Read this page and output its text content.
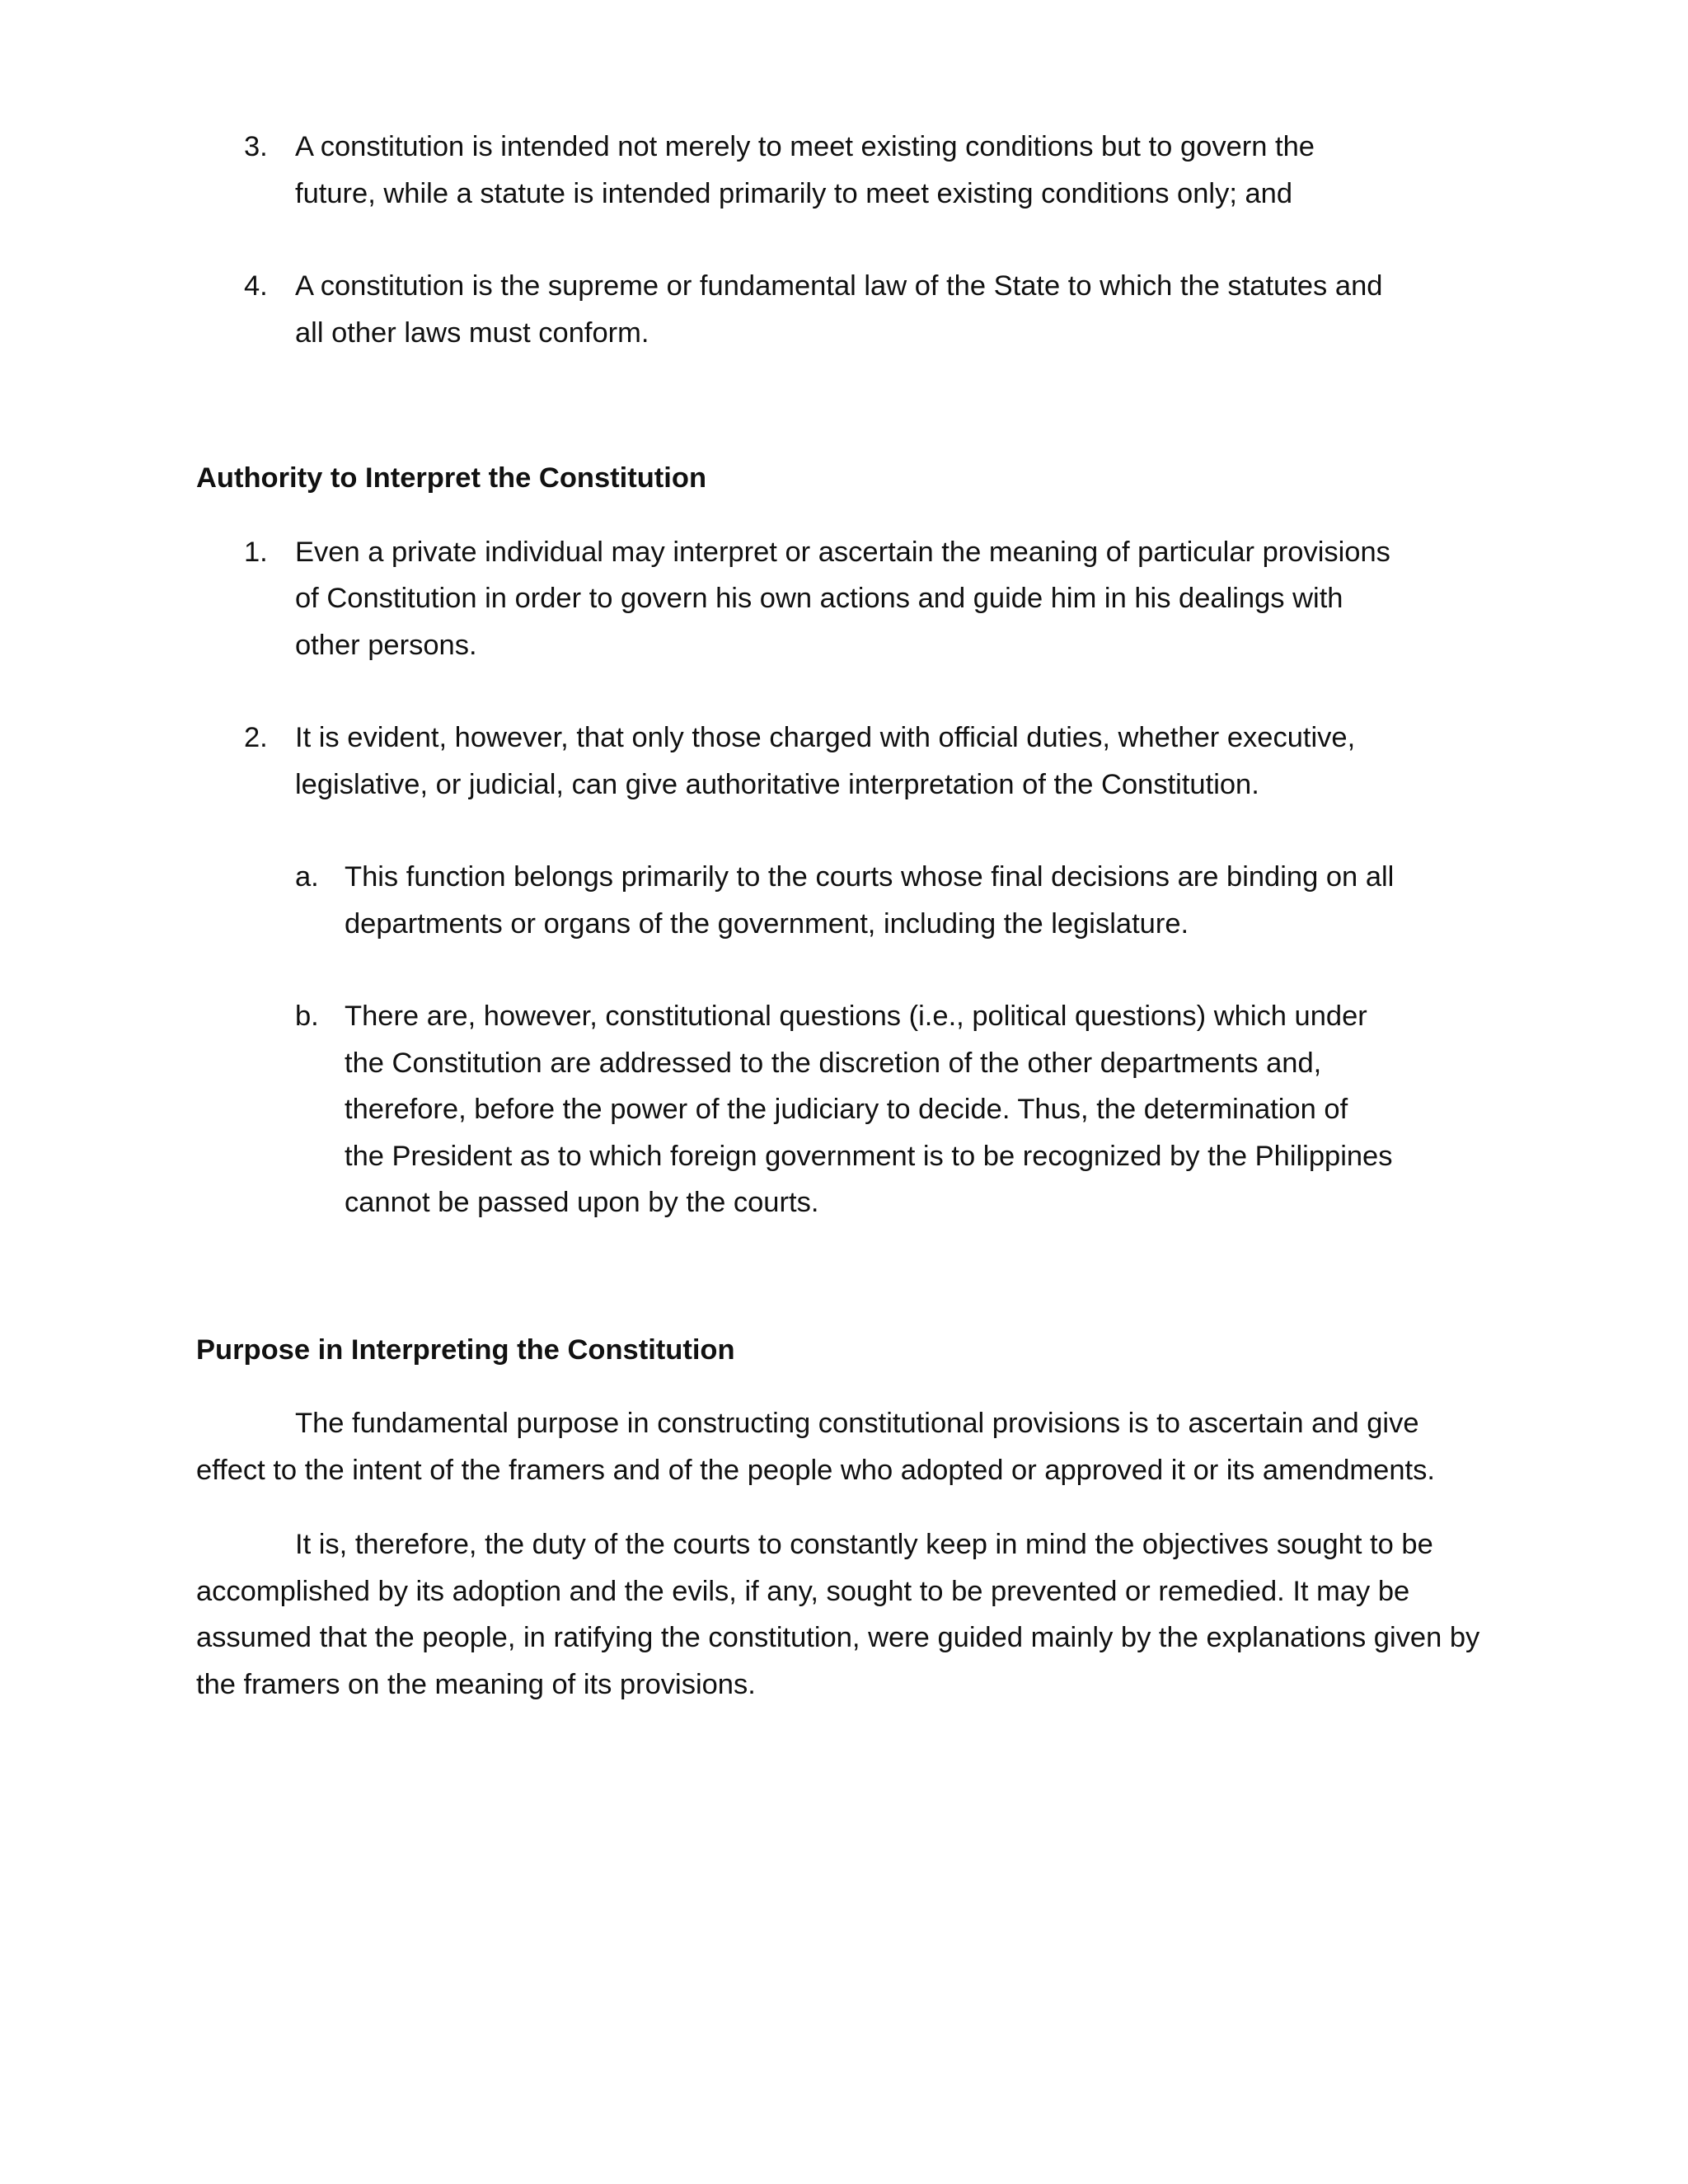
3. A constitution is intended not merely to meet existing conditions but to govern the
future, while a statute is intended primarily to meet existing conditions only; and
4. A constitution is the supreme or fundamental law of the State to which the statutes and
all other laws must conform.
Authority to Interpret the Constitution
1. Even a private individual may interpret or ascertain the meaning of particular provisions
of Constitution in order to govern his own actions and guide him in his dealings with
other persons.
2. It is evident, however, that only those charged with official duties, whether executive,
legislative, or judicial, can give authoritative interpretation of the Constitution.
a. This function belongs primarily to the courts whose final decisions are binding on all
departments or organs of the government, including the legislature.
b. There are, however, constitutional questions (i.e., political questions) which under
the Constitution are addressed to the discretion of the other departments and,
therefore, before the power of the judiciary to decide. Thus, the determination of
the President as to which foreign government is to be recognized by the Philippines
cannot be passed upon by the courts.
Purpose in Interpreting the Constitution

The fundamental purpose in constructing constitutional provisions is to ascertain and give effect to the intent of the framers and of the people who adopted or approved it or its amendments.

It is, therefore, the duty of the courts to constantly keep in mind the objectives sought to be accomplished by its adoption and the evils, if any, sought to be prevented or remedied. It may be assumed that the people, in ratifying the constitution, were guided mainly by the explanations given by the framers on the meaning of its provisions.
